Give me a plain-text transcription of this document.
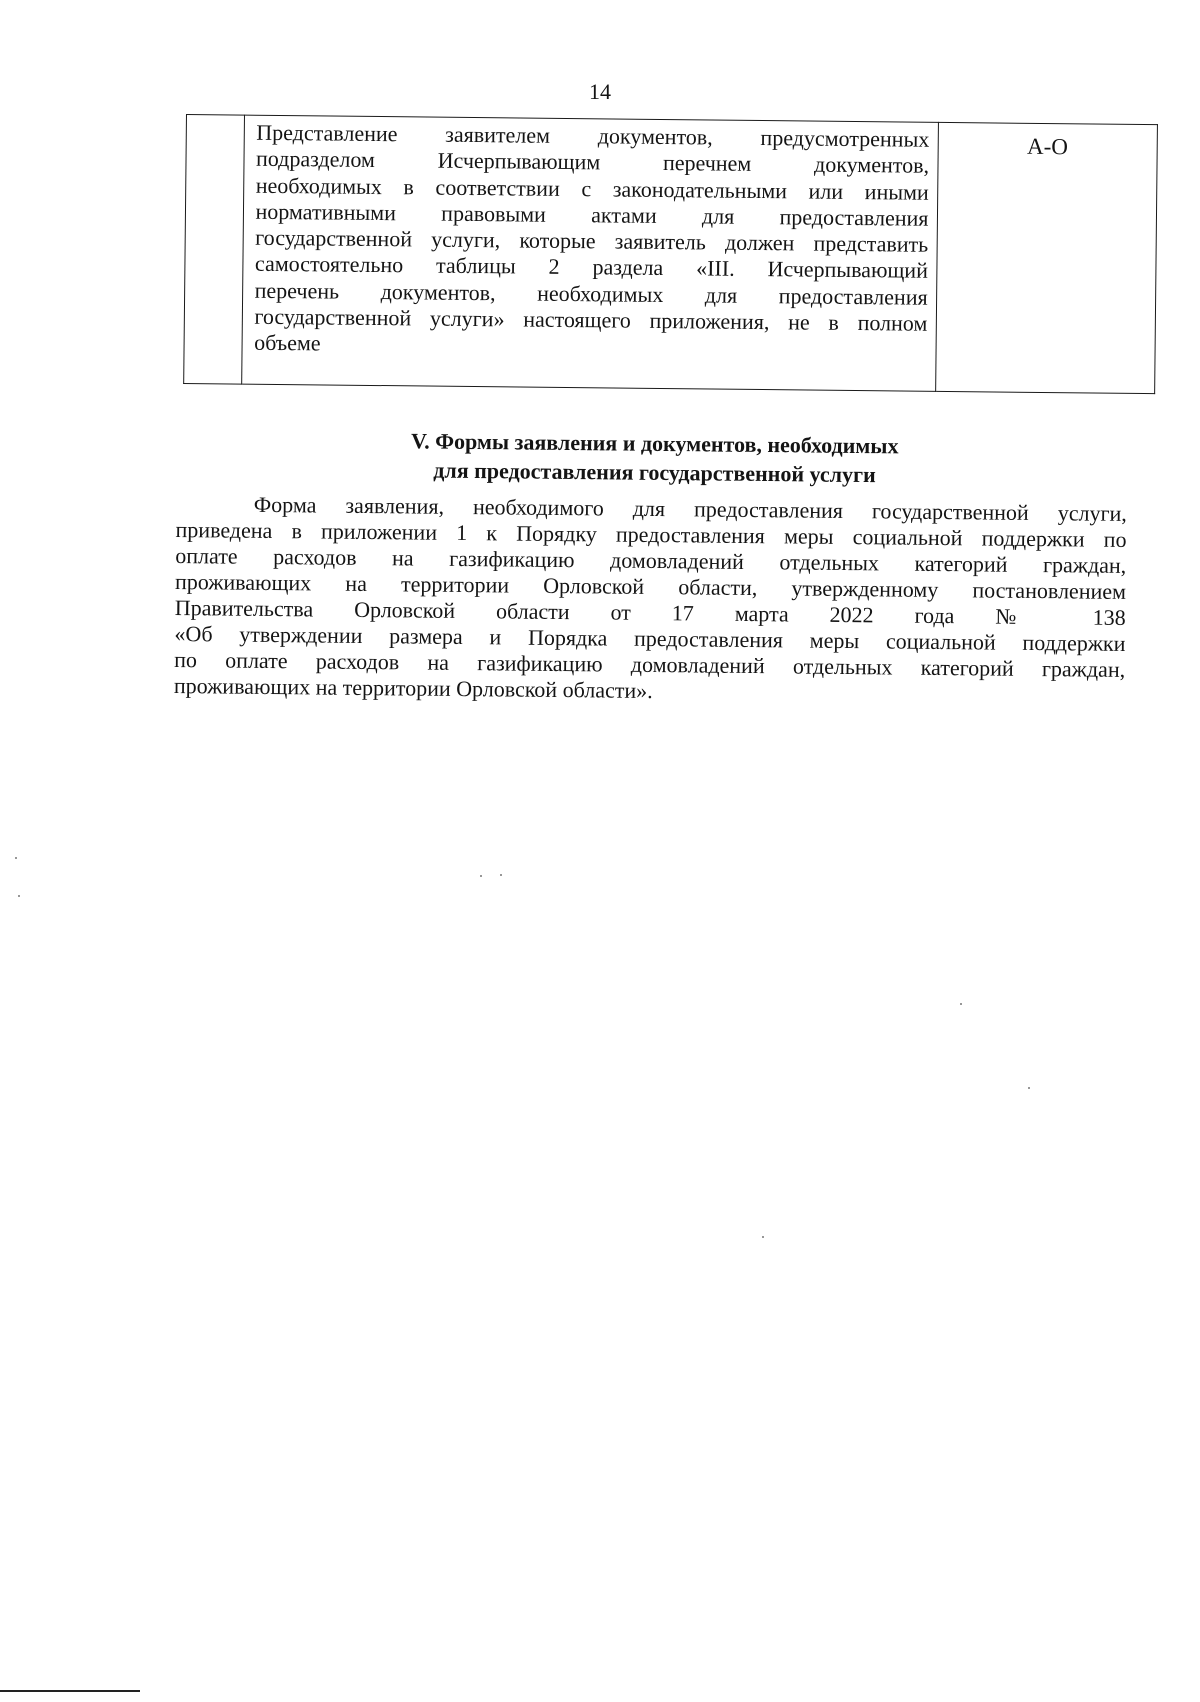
14

Представление заявителем документов, предусмотренных
подразделом Исчерпывающим перечнем документов,
необходимых в соответствии с законодательными или иными
нормативными правовыми актами для предоставления
государственной услуги, которые заявитель должен представить
самостоятельно таблицы 2 раздела «III. Исчерпывающий
перечень документов, необходимых для предоставления
государственной услуги» настоящего приложения, не в полном
объеме
	А-О
V. Формы заявления и документов, необходимых
для предоставления государственной услуги
Форма заявления, необходимого для предоставления государственной услуги,
приведена в приложении 1 к Порядку предоставления меры социальной поддержки по
оплате расходов на газификацию домовладений отдельных категорий граждан,
проживающих на территории Орловской области, утвержденному постановлением
Правительства Орловской области от 17 марта 2022 года № 138
«Об утверждении размера и Порядка предоставления меры социальной поддержки
по оплате расходов на газификацию домовладений отдельных категорий граждан,
проживающих на территории Орловской области».
